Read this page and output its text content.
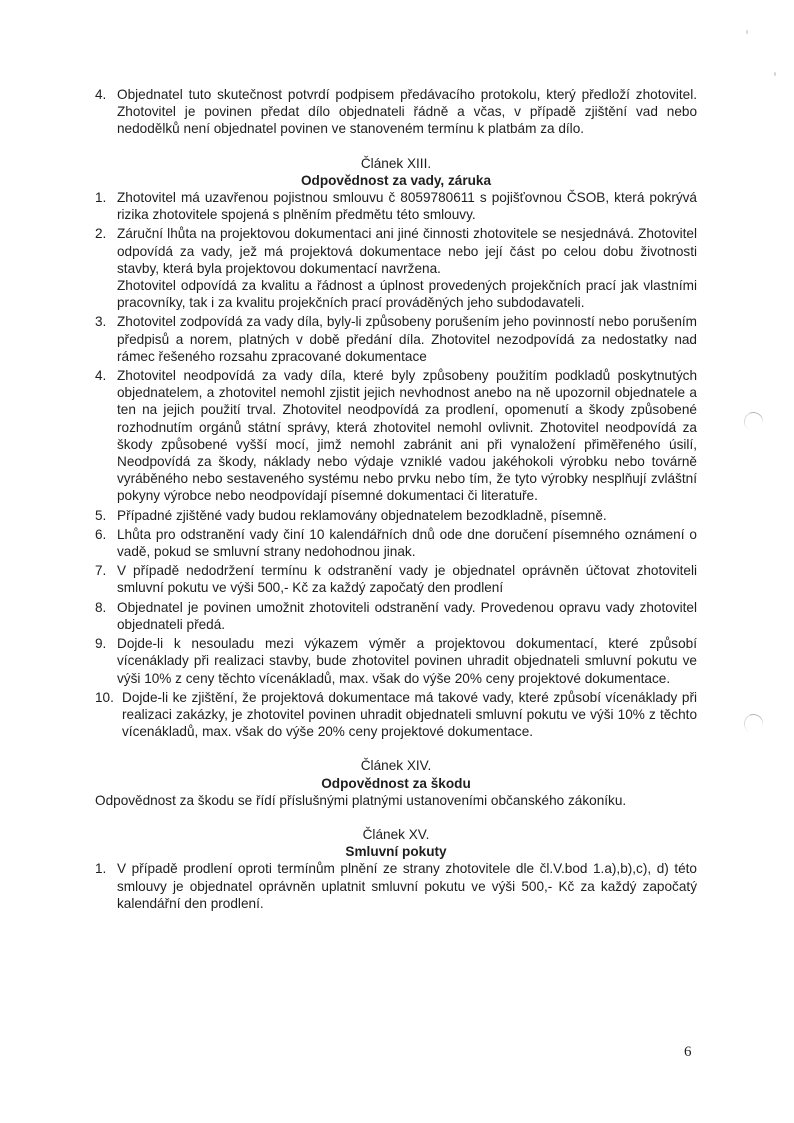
4. Objednatel tuto skutečnost potvrdí podpisem předávacího protokolu, který předloží zhotovitel. Zhotovitel je povinen předat dílo objednateli řádně a včas, v případě zjištění vad nebo nedodělků není objednatel povinen ve stanoveném termínu k platbám za dílo.

Článek XIII.

Odpovědnost za vady, záruka

1. Zhotovitel má uzavřenou pojistnou smlouvu č 8059780611 s pojišťovnou ČSOB, která pokrývá rizika zhotovitele spojená s plněním předmětu této smlouvy.

2. Záruční lhůta na projektovou dokumentaci ani jiné činnosti zhotovitele se nesjednává. Zhotovitel odpovídá za vady, jež má projektová dokumentace nebo její část po celou dobu životnosti stavby, která byla projektovou dokumentací navržena.

Zhotovitel odpovídá za kvalitu a řádnost a úplnost provedených projekčních prací jak vlastními pracovníky, tak i za kvalitu projekčních prací prováděných jeho subdodavateli.

3. Zhotovitel zodpovídá za vady díla, byly-li způsobeny porušením jeho povinností nebo porušením předpisů a norem, platných v době předání díla. Zhotovitel nezodpovídá za nedostatky nad rámec řešeného rozsahu zpracované dokumentace

4. Zhotovitel neodpovídá za vady díla, které byly způsobeny použitím podkladů poskytnutých objednatelem, a zhotovitel nemohl zjistit jejich nevhodnost anebo na ně upozornil objednatele a ten na jejich použití trval. Zhotovitel neodpovídá za prodlení, opomenutí a škody způsobené rozhodnutím orgánů státní správy, která zhotovitel nemohl ovlivnit. Zhotovitel neodpovídá za škody způsobené vyšší mocí, jimž nemohl zabránit ani při vynaložení přiměřeného úsilí, Neodpovídá za škody, náklady nebo výdaje vzniklé vadou jakéhokoli výrobku nebo továrně vyráběného nebo sestaveného systému nebo prvku nebo tím, že tyto výrobky nesplňují zvláštní pokyny výrobce nebo neodpovídají písemné dokumentaci či literatuře.

5. Případné zjištěné vady budou reklamovány objednatelem bezodkladně, písemně.

6. Lhůta pro odstranění vady činí 10 kalendářních dnů ode dne doručení písemného oznámení o vadě, pokud se smluvní strany nedohodnou jinak.

7. V případě nedodržení termínu k odstranění vady je objednatel oprávněn účtovat zhotoviteli smluvní pokutu ve výši 500,- Kč za každý započatý den prodlení

8. Objednatel je povinen umožnit zhotoviteli odstranění vady. Provedenou opravu vady zhotovitel objednateli předá.

9. Dojde-li k nesouladu mezi výkazem výměr a projektovou dokumentací, které způsobí vícenáklady při realizaci stavby, bude zhotovitel povinen uhradit objednateli smluvní pokutu ve výši 10% z ceny těchto vícenákladů, max. však do výše 20% ceny projektové dokumentace.

10. Dojde-li ke zjištění, že projektová dokumentace má takové vady, které způsobí vícenáklady při realizaci zakázky, je zhotovitel povinen uhradit objednateli smluvní pokutu ve výši 10% z těchto vícenákladů, max. však do výše 20% ceny projektové dokumentace.

Článek XIV.

Odpovědnost za škodu

Odpovědnost za škodu se řídí příslušnými platnými ustanoveními občanského zákoníku.

Článek XV.

Smluvní pokuty

1. V případě prodlení oproti termínům plnění ze strany zhotovitele dle čl.V.bod 1.a),b),c), d) této smlouvy je objednatel oprávněn uplatnit smluvní pokutu ve výši 500,- Kč za každý započatý kalendářní den prodlení.

6
